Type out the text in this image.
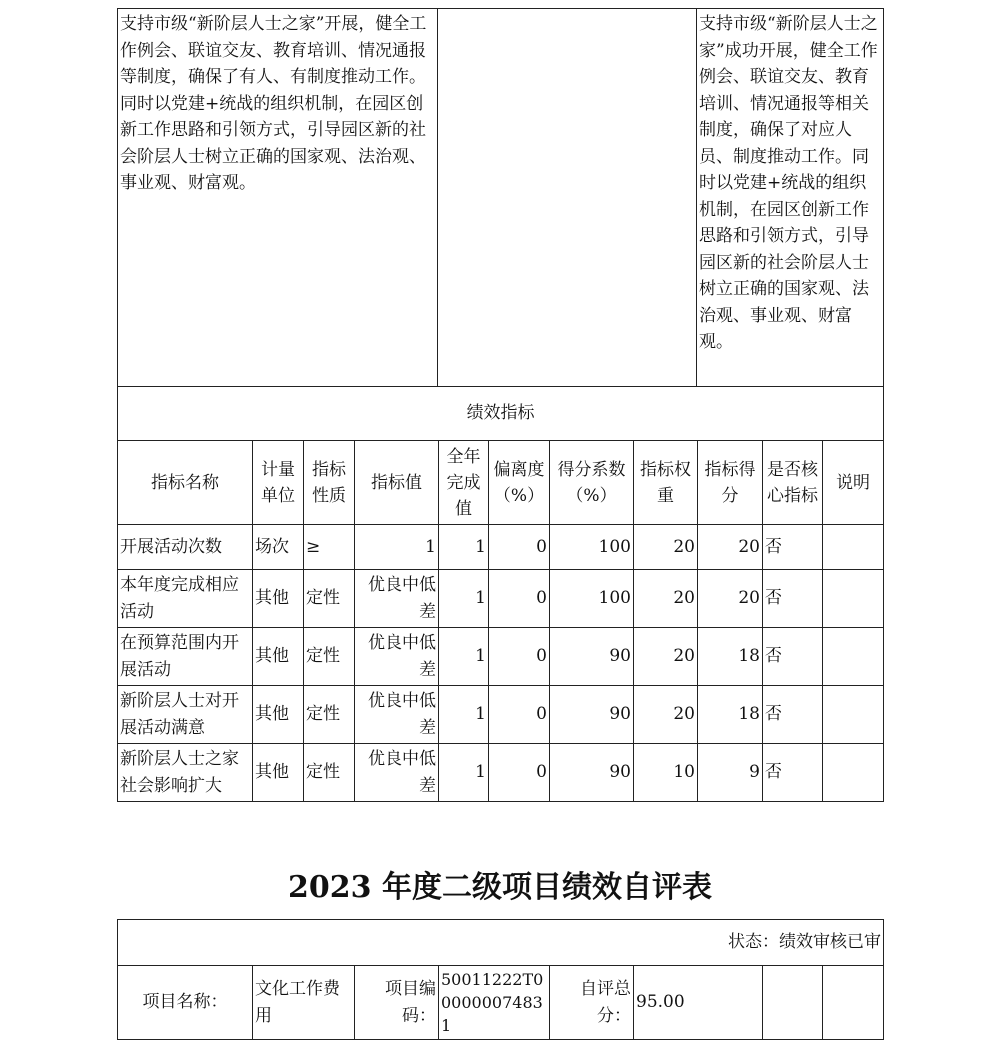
支持市级“新阶层人士之家”开展，健全工作例会、联谊交友、教育培训、情况通报等制度，确保了有人、有制度推动工作。同时以党建+统战的组织机制，在园区创新工作思路和引领方式，引导园区新的社会阶层人士树立正确的国家观、法治观、事业观、财富观。		支持市级“新阶层人士之家”成功开展，健全工作例会、联谊交友、教育培训、情况通报等相关制度，确保了对应人员、制度推动工作。同时以党建+统战的组织机制，在园区创新工作思路和引领方式，引导园区新的社会阶层人士树立正确的国家观、法治观、事业观、财富观。
绩效指标										
指标名称	计量单位	指标性质	指标值	全年完成值	偏离度（%）	得分系数（%）	指标权重	指标得分	是否核心指标	说明
开展活动次数	场次	≥	1	1	0	100	20	20	否	
本年度完成相应活动	其他	定性	优良中低差	1	0	100	20	20	否	
在预算范围内开展活动	其他	定性	优良中低差	1	0	90	20	18	否	
新阶层人士对开展活动满意	其他	定性	优良中低差	1	0	90	20	18	否	
新阶层人士之家社会影响扩大	其他	定性	优良中低差	1	0	90	10	9	否	
2023 年度二级项目绩效自评表
状态：绩效审核已审
项目名称：	文化工作费用	项目编码：	50011222T000000074831	自评总分：	95.00		
